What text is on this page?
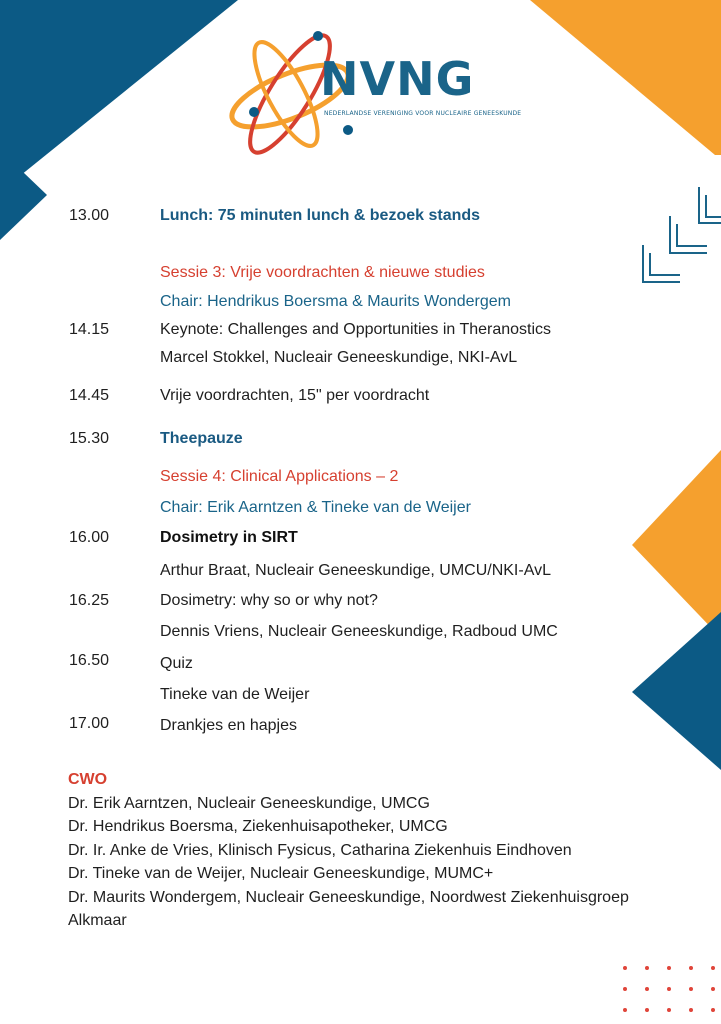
NVNG

NEDERLANDSE VERENIGING VOOR NUCLEAIRE GENEESKUNDE

13.00	Lunch: 75 minuten lunch & bezoek stands
Sessie 3: Vrije voordrachten & nieuwe studies
Chair: Hendrikus Boersma & Maurits Wondergem
14.15	Keynote: Challenges and Opportunities in Theranostics
Marcel Stokkel, Nucleair Geneeskundige, NKI-AvL
14.45	Vrije voordrachten, 15" per voordracht
15.30	Theepauze
Sessie 4: Clinical Applications – 2
Chair: Erik Aarntzen & Tineke van de Weijer
16.00	Dosimetry in SIRT
Arthur Braat, Nucleair Geneeskundige, UMCU/NKI-AvL
16.25	Dosimetry: why so or why not?
Dennis Vriens, Nucleair Geneeskundige, Radboud UMC
16.50	Quiz
Tineke van de Weijer
17.00	Drankjes en hapjes
CWO
Dr. Erik Aarntzen, Nucleair Geneeskundige, UMCG
Dr. Hendrikus Boersma, Ziekenhuisapotheker, UMCG
Dr. Ir. Anke de Vries, Klinisch Fysicus, Catharina Ziekenhuis Eindhoven
Dr. Tineke van de Weijer, Nucleair Geneeskundige, MUMC+
Dr. Maurits Wondergem, Nucleair Geneeskundige, Noordwest Ziekenhuisgroep
Alkmaar
